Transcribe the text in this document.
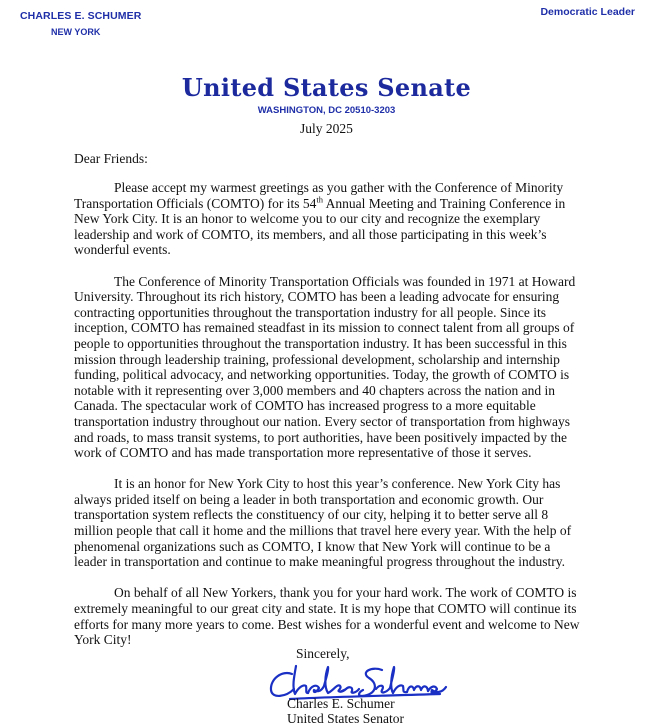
CHARLES E. SCHUMER
NEW YORK
Democratic Leader
United States Senate
WASHINGTON, DC 20510-3203
July 2025
Dear Friends:

Please accept my warmest greetings as you gather with the Conference of Minority Transportation Officials (COMTO) for its 54th Annual Meeting and Training Conference in New York City. It is an honor to welcome you to our city and recognize the exemplary leadership and work of COMTO, its members, and all those participating in this week’s wonderful events.

The Conference of Minority Transportation Officials was founded in 1971 at Howard University. Throughout its rich history, COMTO has been a leading advocate for ensuring contracting opportunities throughout the transportation industry for all people. Since its inception, COMTO has remained steadfast in its mission to connect talent from all groups of people to opportunities throughout the transportation industry. It has been successful in this mission through leadership training, professional development, scholarship and internship funding, political advocacy, and networking opportunities. Today, the growth of COMTO is notable with it representing over 3,000 members and 40 chapters across the nation and in Canada. The spectacular work of COMTO has increased progress to a more equitable transportation industry throughout our nation. Every sector of transportation from highways and roads, to mass transit systems, to port authorities, have been positively impacted by the work of COMTO and has made transportation more representative of those it serves.

It is an honor for New York City to host this year’s conference. New York City has always prided itself on being a leader in both transportation and economic growth. Our transportation system reflects the constituency of our city, helping it to better serve all 8 million people that call it home and the millions that travel here every year. With the help of phenomenal organizations such as COMTO, I know that New York will continue to be a leader in transportation and continue to make meaningful progress throughout the industry.

On behalf of all New Yorkers, thank you for your hard work. The work of COMTO is extremely meaningful to our great city and state. It is my hope that COMTO will continue its efforts for many more years to come. Best wishes for a wonderful event and welcome to New York City!

Sincerely,
Charles E. Schumer
United States Senator
